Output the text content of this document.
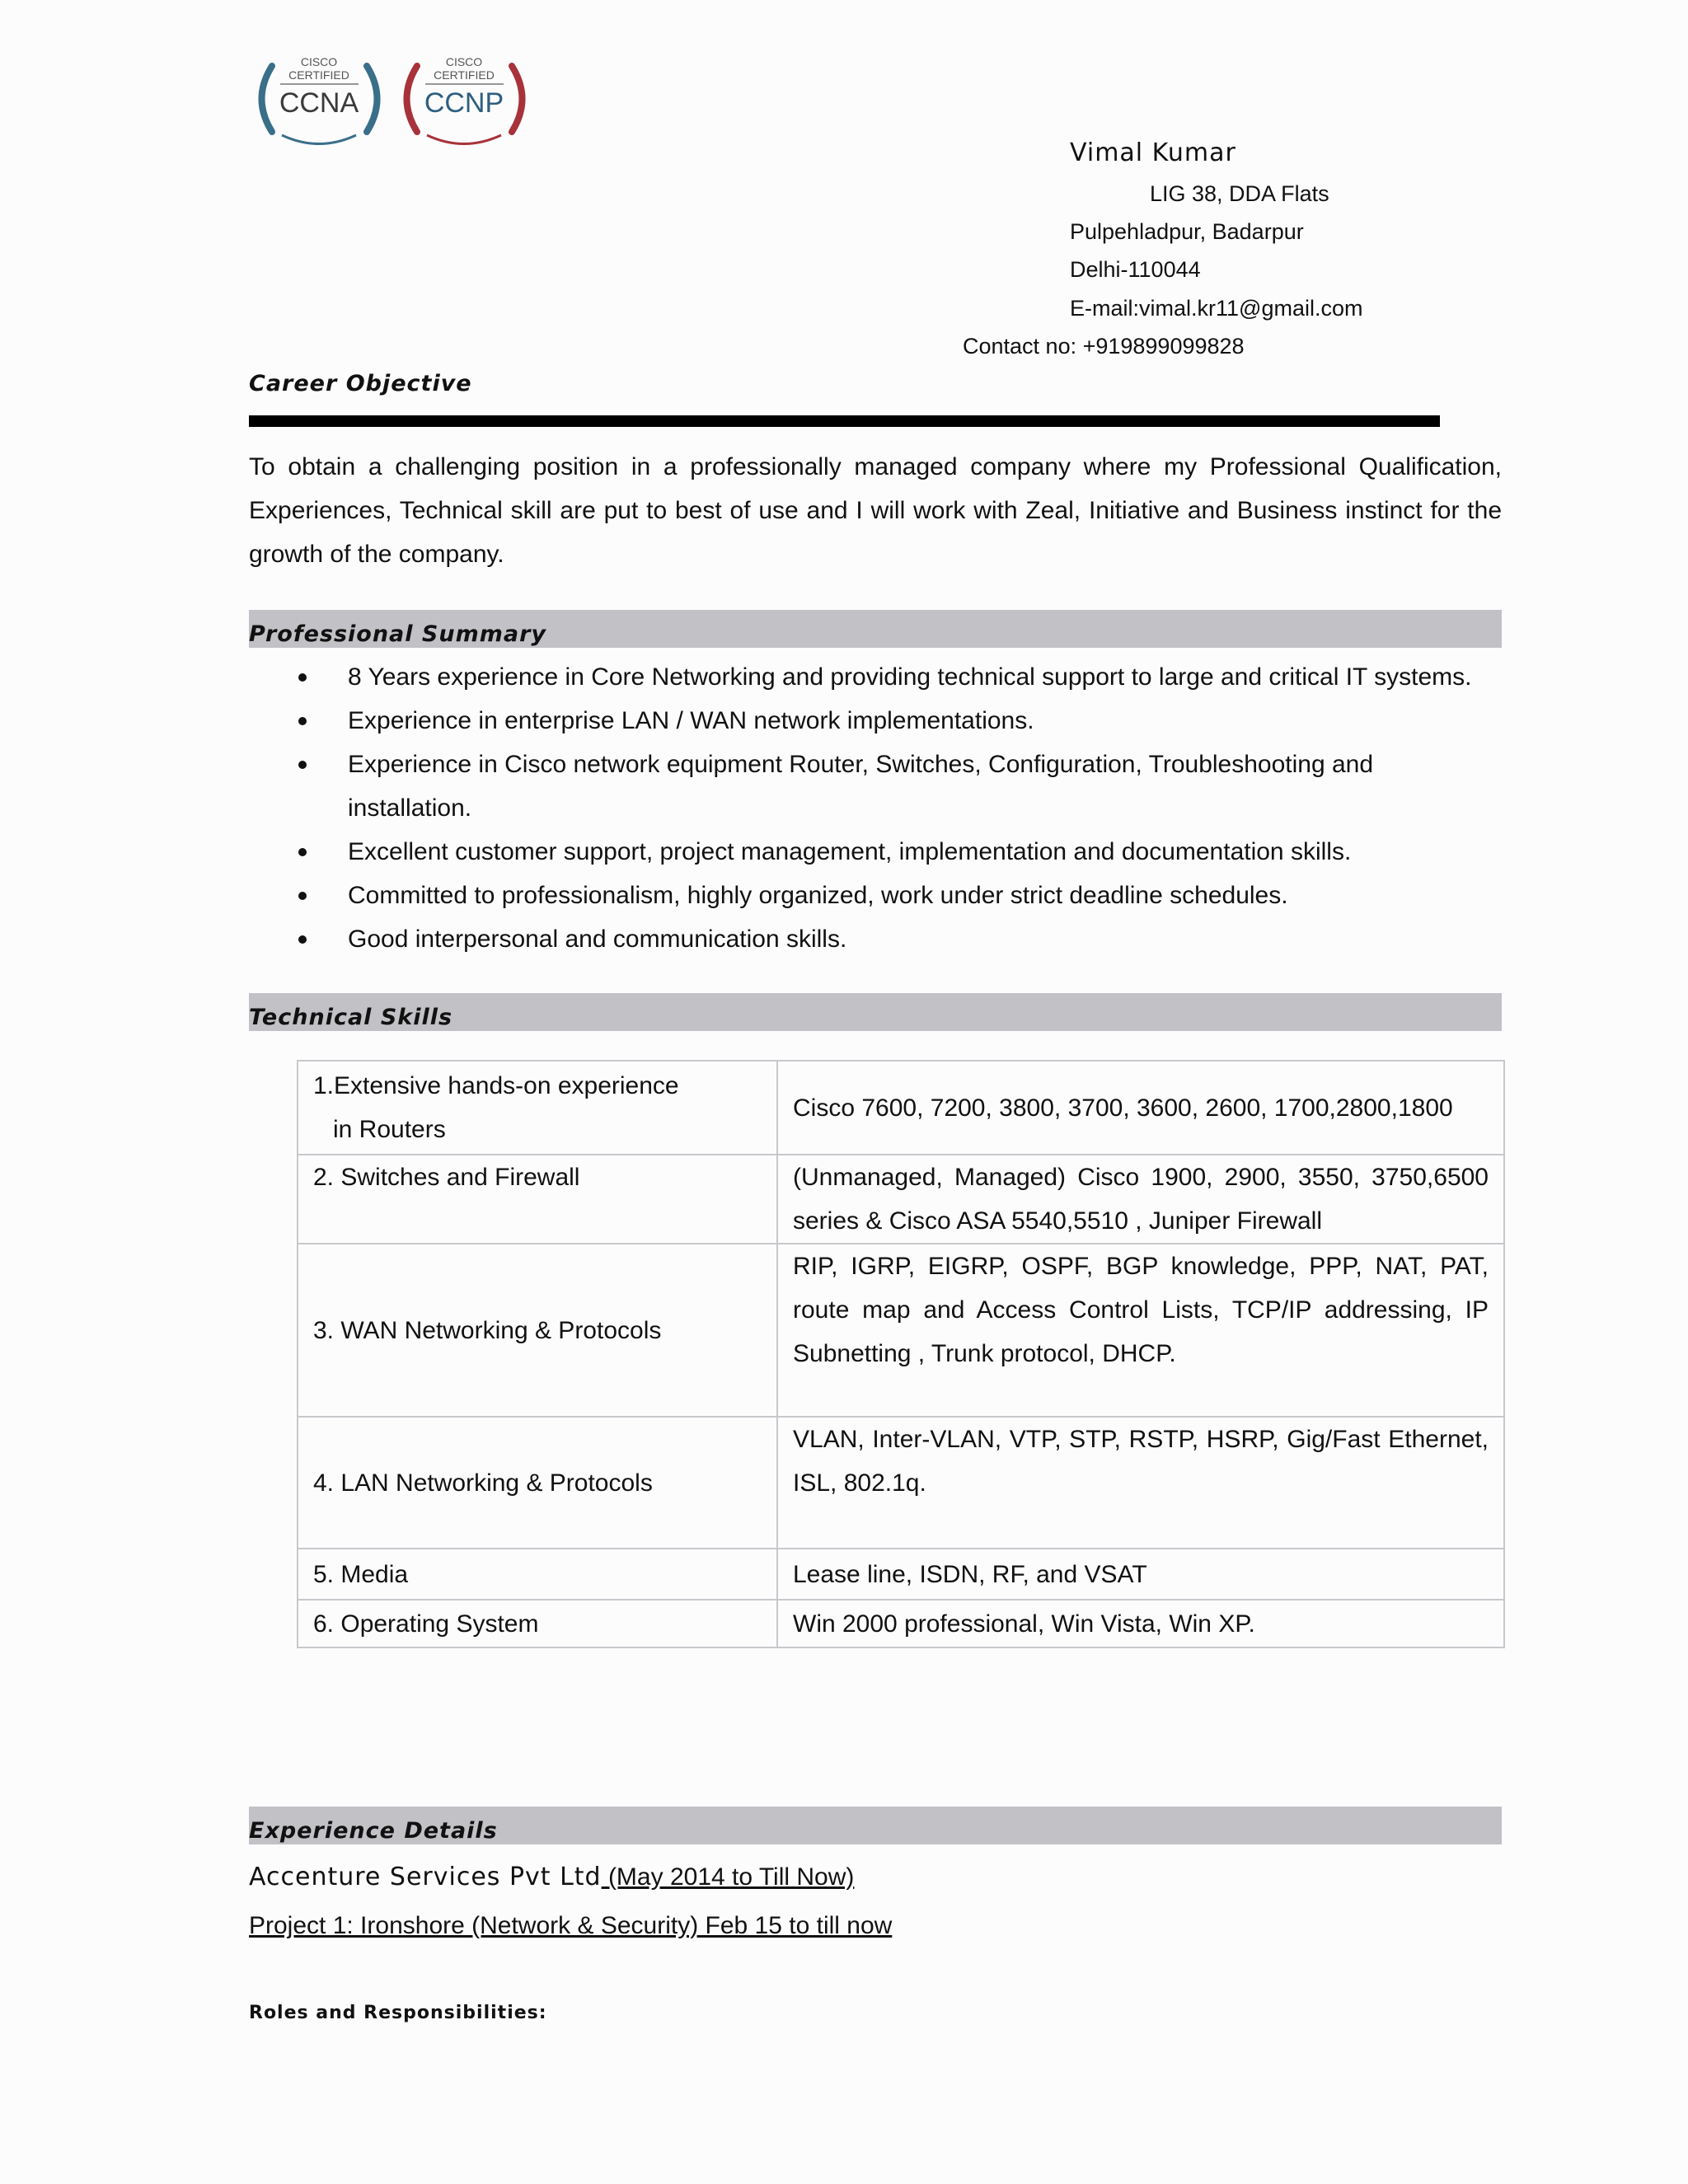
CISCO
CERTIFIED
CCNA
CISCO
CERTIFIED
CCNP
Vimal Kumar
LIG 38, DDA Flats
Pulpehladpur, Badarpur
Delhi-110044
E-mail:vimal.kr11@gmail.com
Contact no: +919899099828
Career Objective
To obtain a challenging position in a professionally managed company where my Professional Qualification, Experiences, Technical skill are put to best of use and I will work with Zeal, Initiative and Business instinct for the growth of the company.
Professional Summary
8 Years experience in Core Networking and providing technical support to large and critical IT systems.
Experience in enterprise LAN / WAN network implementations.
Experience in Cisco network equipment Router, Switches, Configuration, Troubleshooting and installation.
Excellent customer support, project management, implementation and documentation skills.
Committed to professionalism, highly organized, work under strict deadline schedules.
Good interpersonal and communication skills.
Technical Skills
1.Extensive hands-on experience
in Routers	Cisco 7600, 7200, 3800, 3700, 3600, 2600, 1700,2800,1800
2. Switches and Firewall	(Unmanaged, Managed) Cisco 1900, 2900, 3550, 3750,6500 series & Cisco ASA 5540,5510 , Juniper Firewall
3. WAN Networking & Protocols	RIP, IGRP, EIGRP, OSPF, BGP knowledge, PPP, NAT, PAT, route map and Access Control Lists, TCP/IP addressing, IP Subnetting , Trunk protocol, DHCP.
4. LAN Networking & Protocols	VLAN, Inter-VLAN, VTP, STP, RSTP, HSRP, Gig/Fast Ethernet, ISL, 802.1q.
5. Media	Lease line, ISDN, RF, and VSAT
6. Operating System	Win 2000 professional, Win Vista, Win XP.
Experience Details
Accenture Services Pvt Ltd (May 2014 to Till Now)
Project 1: Ironshore (Network & Security) Feb 15 to till now
Roles and Responsibilities:
